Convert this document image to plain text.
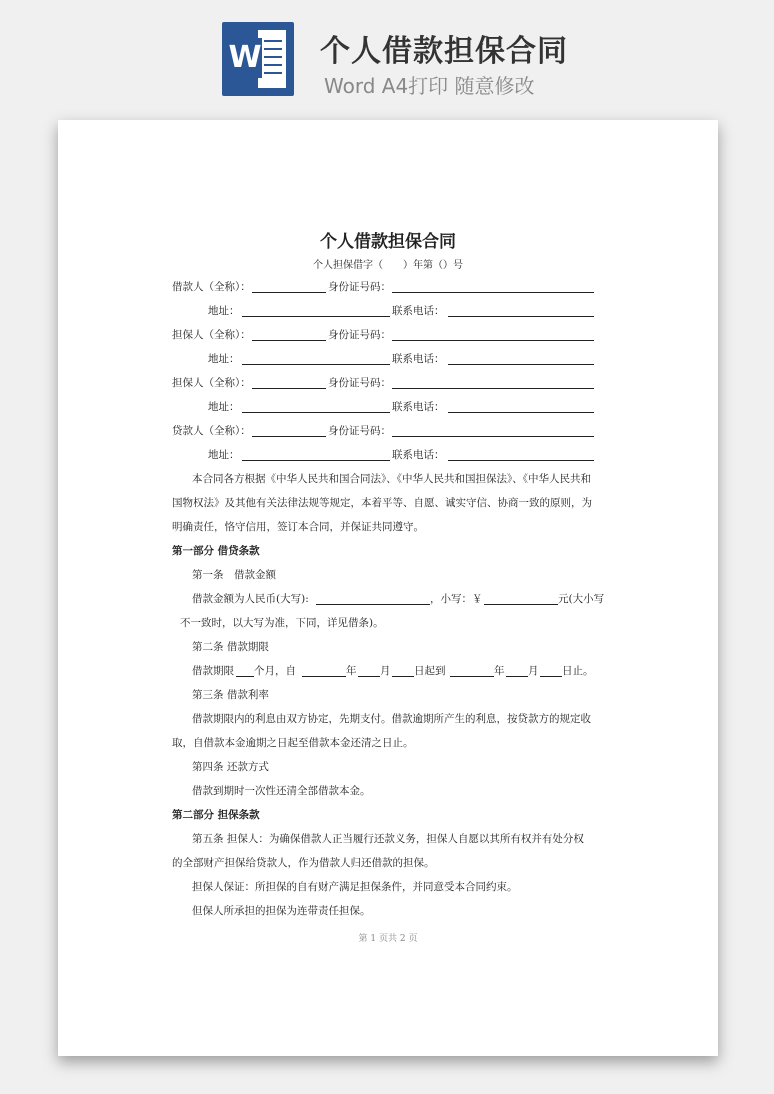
W 个人借款担保合同
Word A4打印 随意修改
个人借款担保合同
个人担保借字（　　）年第（）号
借款人（全称）：	身份证号码：
地址：	联系电话：
担保人（全称）：	身份证号码：
地址：	联系电话：
担保人（全称）：	身份证号码：
地址：	联系电话：
贷款人（全称）：	身份证号码：
地址：	联系电话：
本合同各方根据《中华人民共和国合同法》、《中华人民共和国担保法》、《中华人民共和
国物权法》及其他有关法律法规等规定，本着平等、自愿、诚实守信、协商一致的原则，为
明确责任，恪守信用，签订本合同，并保证共同遵守。
第一部分 借贷条款
第一条　借款金额
借款金额为人民币(大写):	，小写：￥	元(大小写
不一致时，以大写为准，下同，详见借条)。
第二条 借款期限
借款期限 个月，自	年 月 日起到	年 月 日止。
第三条 借款利率
借款期限内的利息由双方协定，先期支付。借款逾期所产生的利息，按贷款方的规定收
取，自借款本金逾期之日起至借款本金还清之日止。
第四条 还款方式
借款到期时一次性还清全部借款本金。
第二部分 担保条款
第五条 担保人：为确保借款人正当履行还款义务，担保人自愿以其所有权并有处分权
的全部财产担保给贷款人，作为借款人归还借款的担保。
担保人保证：所担保的自有财产满足担保条件，并同意受本合同约束。
但保人所承担的担保为连带责任担保。
第 1 页共 2 页
